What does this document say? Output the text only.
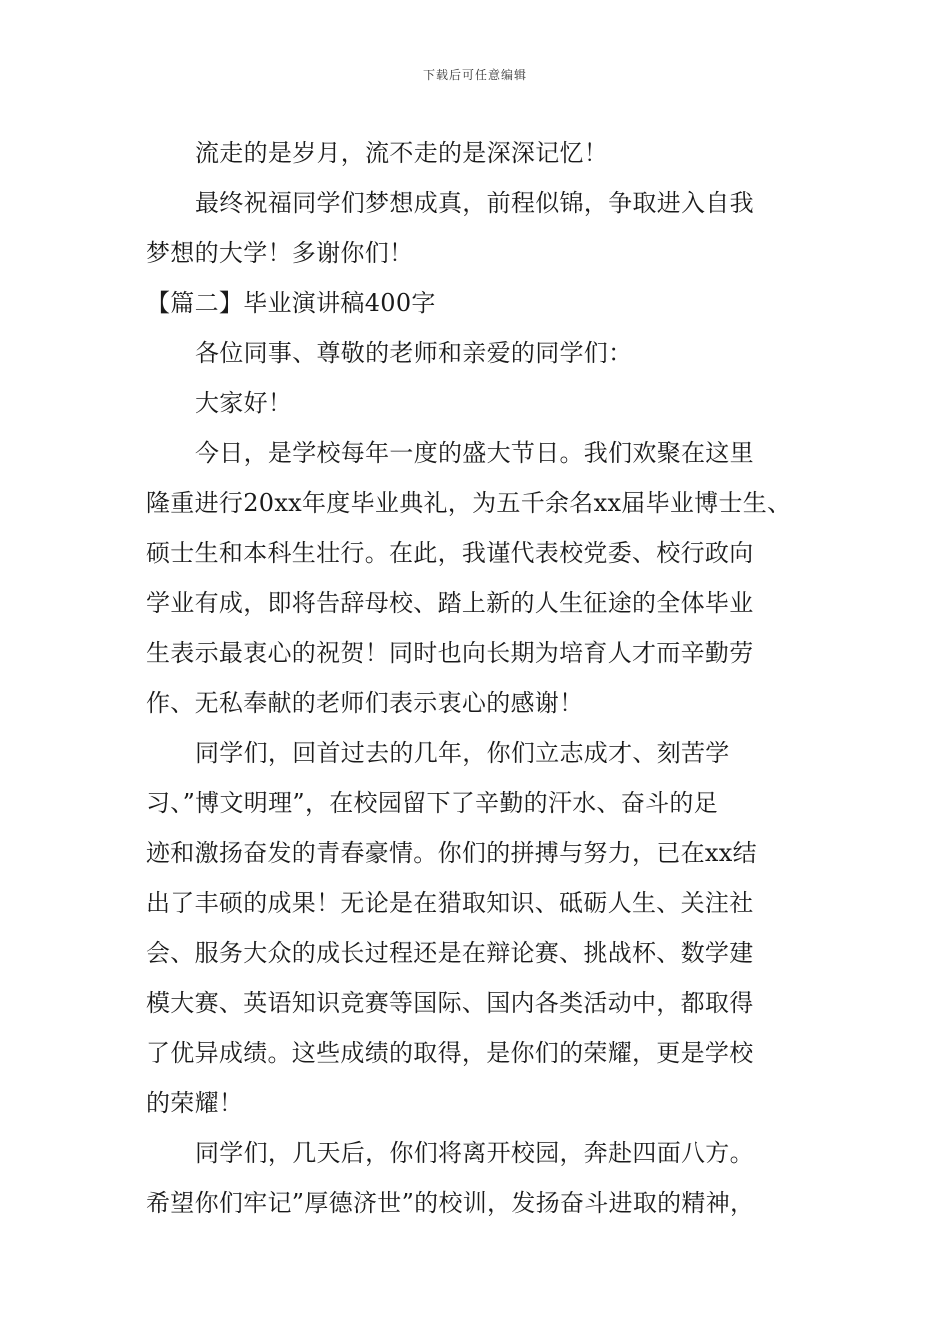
下载后可任意编辑
流走的是岁月，流不走的是深深记忆！
最终祝福同学们梦想成真，前程似锦，争取进入自我
梦想的大学！多谢你们！
【篇二】毕业演讲稿400字
各位同事、尊敬的老师和亲爱的同学们：
大家好！
今日，是学校每年一度的盛大节日。我们欢聚在这里
隆重进行20xx年度毕业典礼，为五千余名xx届毕业博士生、
硕士生和本科生壮行。在此，我谨代表校党委、校行政向
学业有成，即将告辞母校、踏上新的人生征途的全体毕业
生表示最衷心的祝贺！同时也向长期为培育人才而辛勤劳
作、无私奉献的老师们表示衷心的感谢！
同学们，回首过去的几年，你们立志成才、刻苦学
习、”博文明理”，在校园留下了辛勤的汗水、奋斗的足
迹和激扬奋发的青春豪情。你们的拼搏与努力，已在xx结
出了丰硕的成果！无论是在猎取知识、砥砺人生、关注社
会、服务大众的成长过程还是在辩论赛、挑战杯、数学建
模大赛、英语知识竞赛等国际、国内各类活动中，都取得
了优异成绩。这些成绩的取得，是你们的荣耀，更是学校
的荣耀！
同学们，几天后，你们将离开校园，奔赴四面八方。
希望你们牢记”厚德济世”的校训，发扬奋斗进取的精神，
